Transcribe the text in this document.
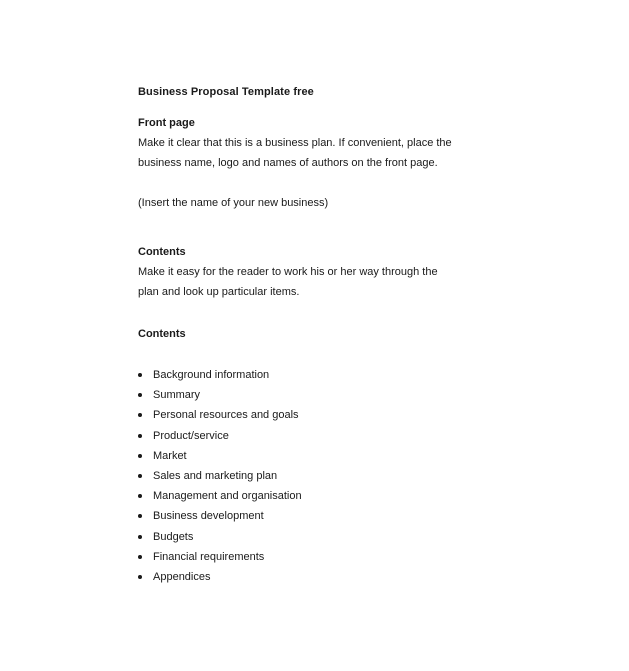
Business Proposal Template free
Front page

Make it clear that this is a business plan. If convenient, place the

business name, logo and names of authors on the front page.

(Insert the name of your new business)

Contents

Make it easy for the reader to work his or her way through the

plan and look up particular items.

Contents
Background information
Summary
Personal resources and goals
Product/service
Market
Sales and marketing plan
Management and organisation
Business development
Budgets
Financial requirements
Appendices
